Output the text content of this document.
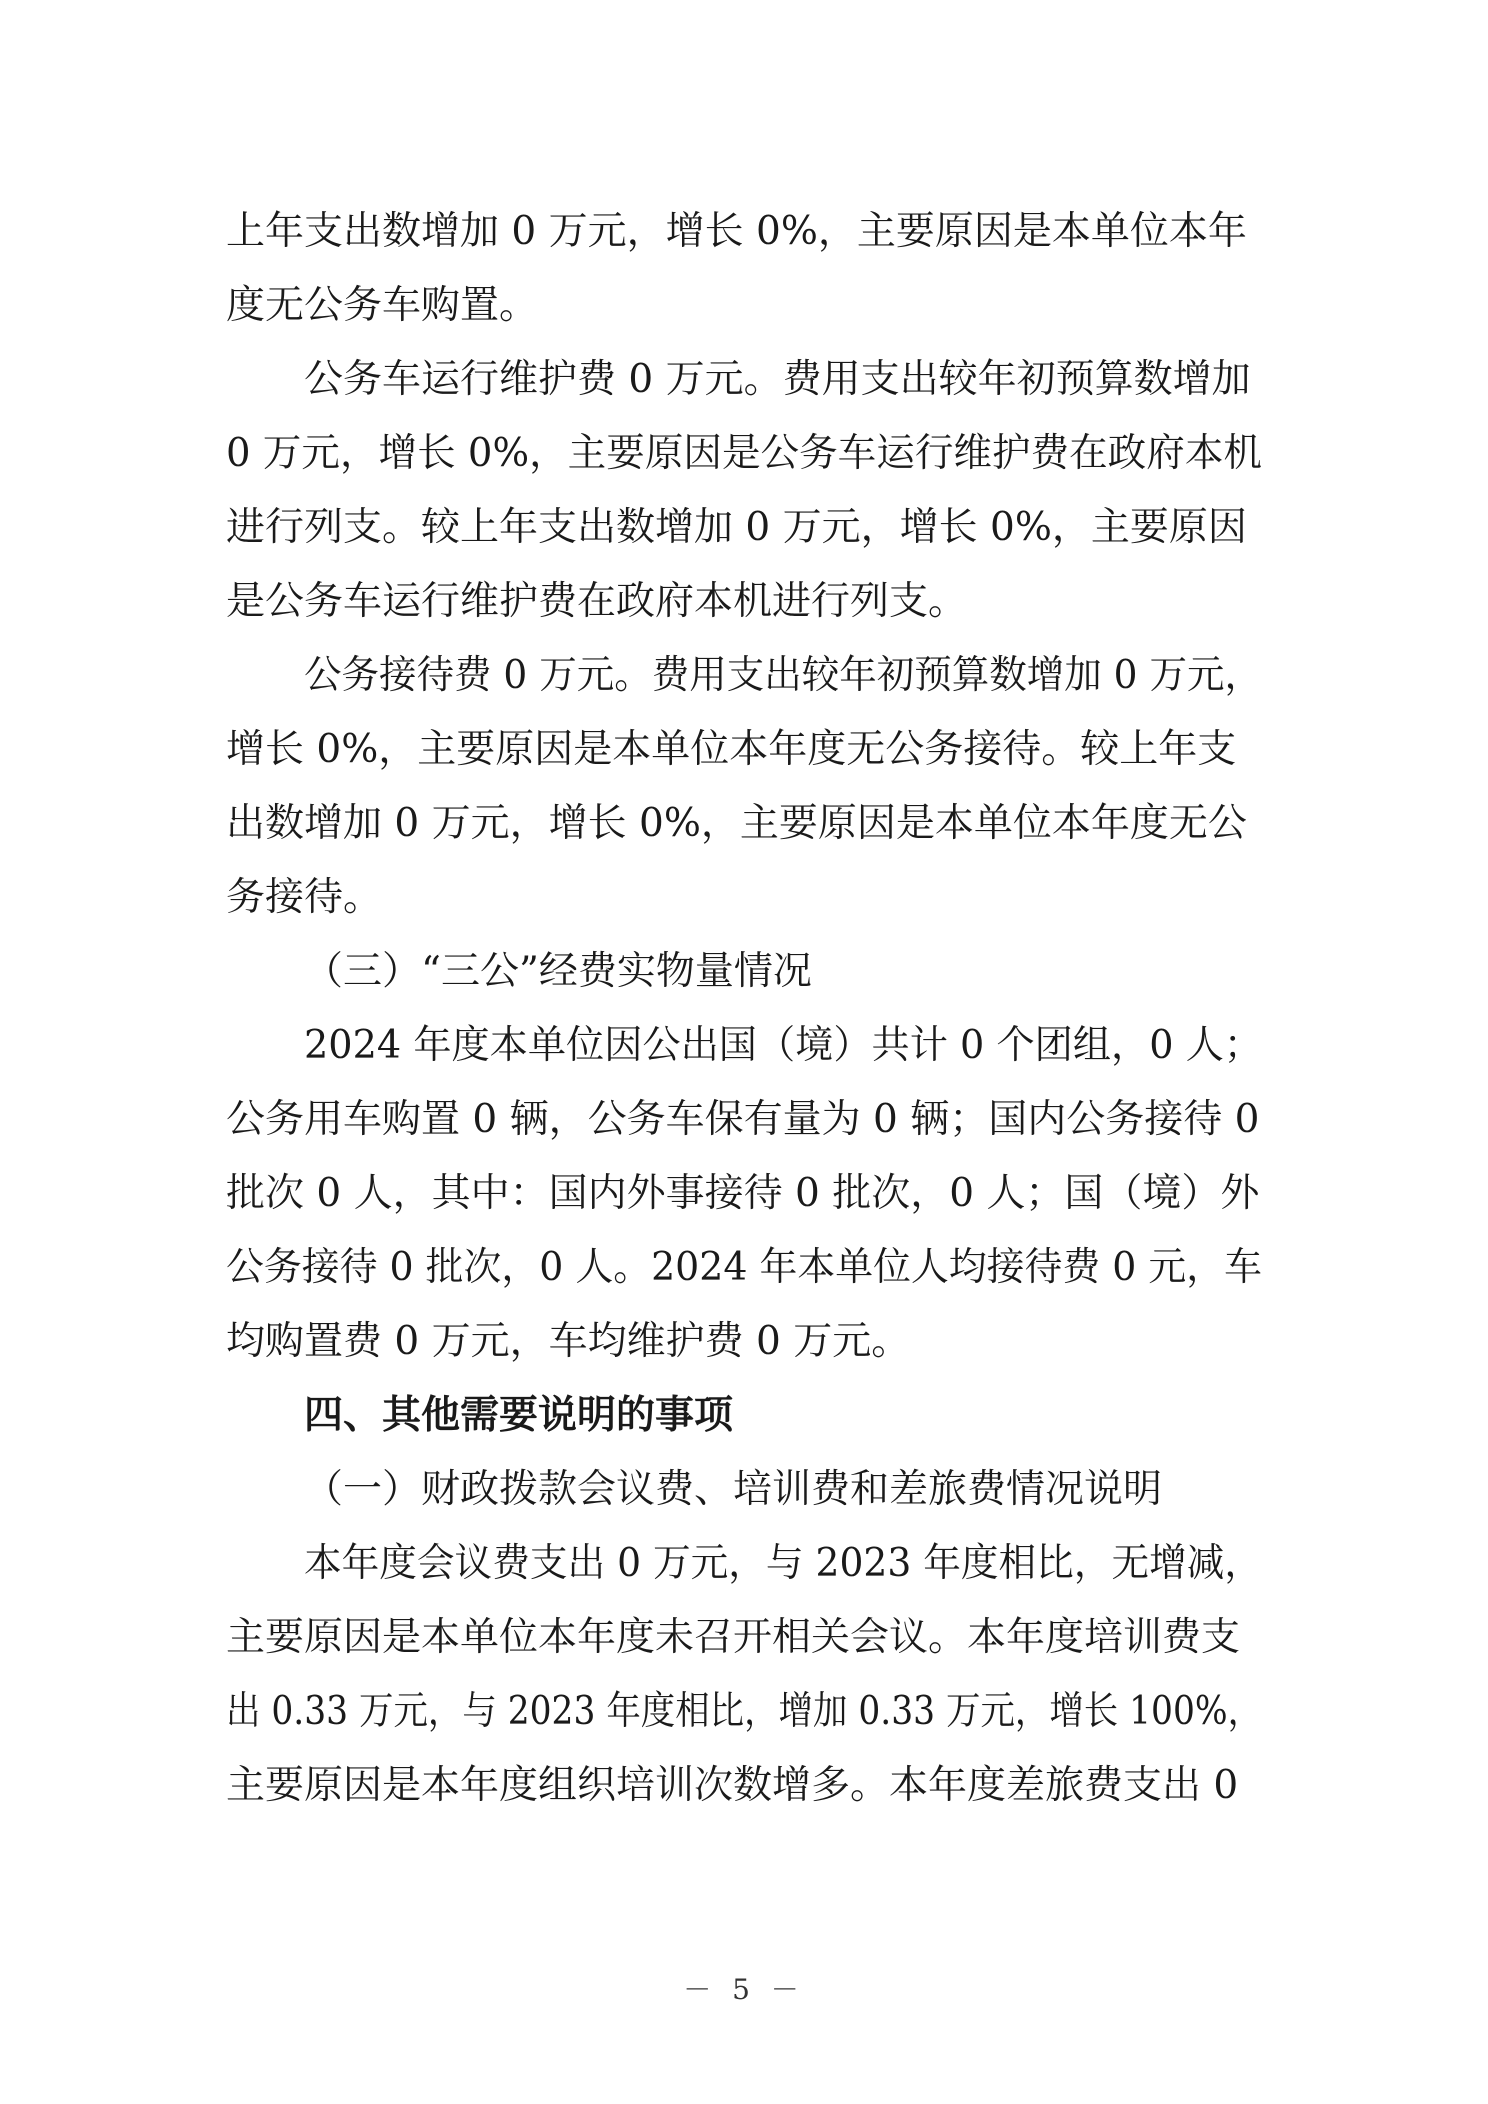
上年支出数增加 0 万元，增长 0%，主要原因是本单位本年
度无公务车购置。
公务车运行维护费 0 万元。费用支出较年初预算数增加
0 万元，增长 0%，主要原因是公务车运行维护费在政府本机
进行列支。较上年支出数增加 0 万元，增长 0%，主要原因
是公务车运行维护费在政府本机进行列支。
公务接待费 0 万元。费用支出较年初预算数增加 0 万元，
增长 0%，主要原因是本单位本年度无公务接待。较上年支
出数增加 0 万元，增长 0%，主要原因是本单位本年度无公
务接待。
（三）“三公”经费实物量情况
2024 年度本单位因公出国（境）共计 0 个团组，0 人；
公务用车购置 0 辆，公务车保有量为 0 辆；国内公务接待 0
批次 0 人，其中：国内外事接待 0 批次，0 人；国（境）外
公务接待 0 批次，0 人。2024 年本单位人均接待费 0 元，车
均购置费 0 万元，车均维护费 0 万元。
四、其他需要说明的事项
（一）财政拨款会议费、培训费和差旅费情况说明
本年度会议费支出 0 万元，与 2023 年度相比，无增减，
主要原因是本单位本年度未召开相关会议。本年度培训费支
出 0.33 万元，与 2023 年度相比，增加 0.33 万元，增长 100%，
主要原因是本年度组织培训次数增多。本年度差旅费支出 0
－ 5 －
